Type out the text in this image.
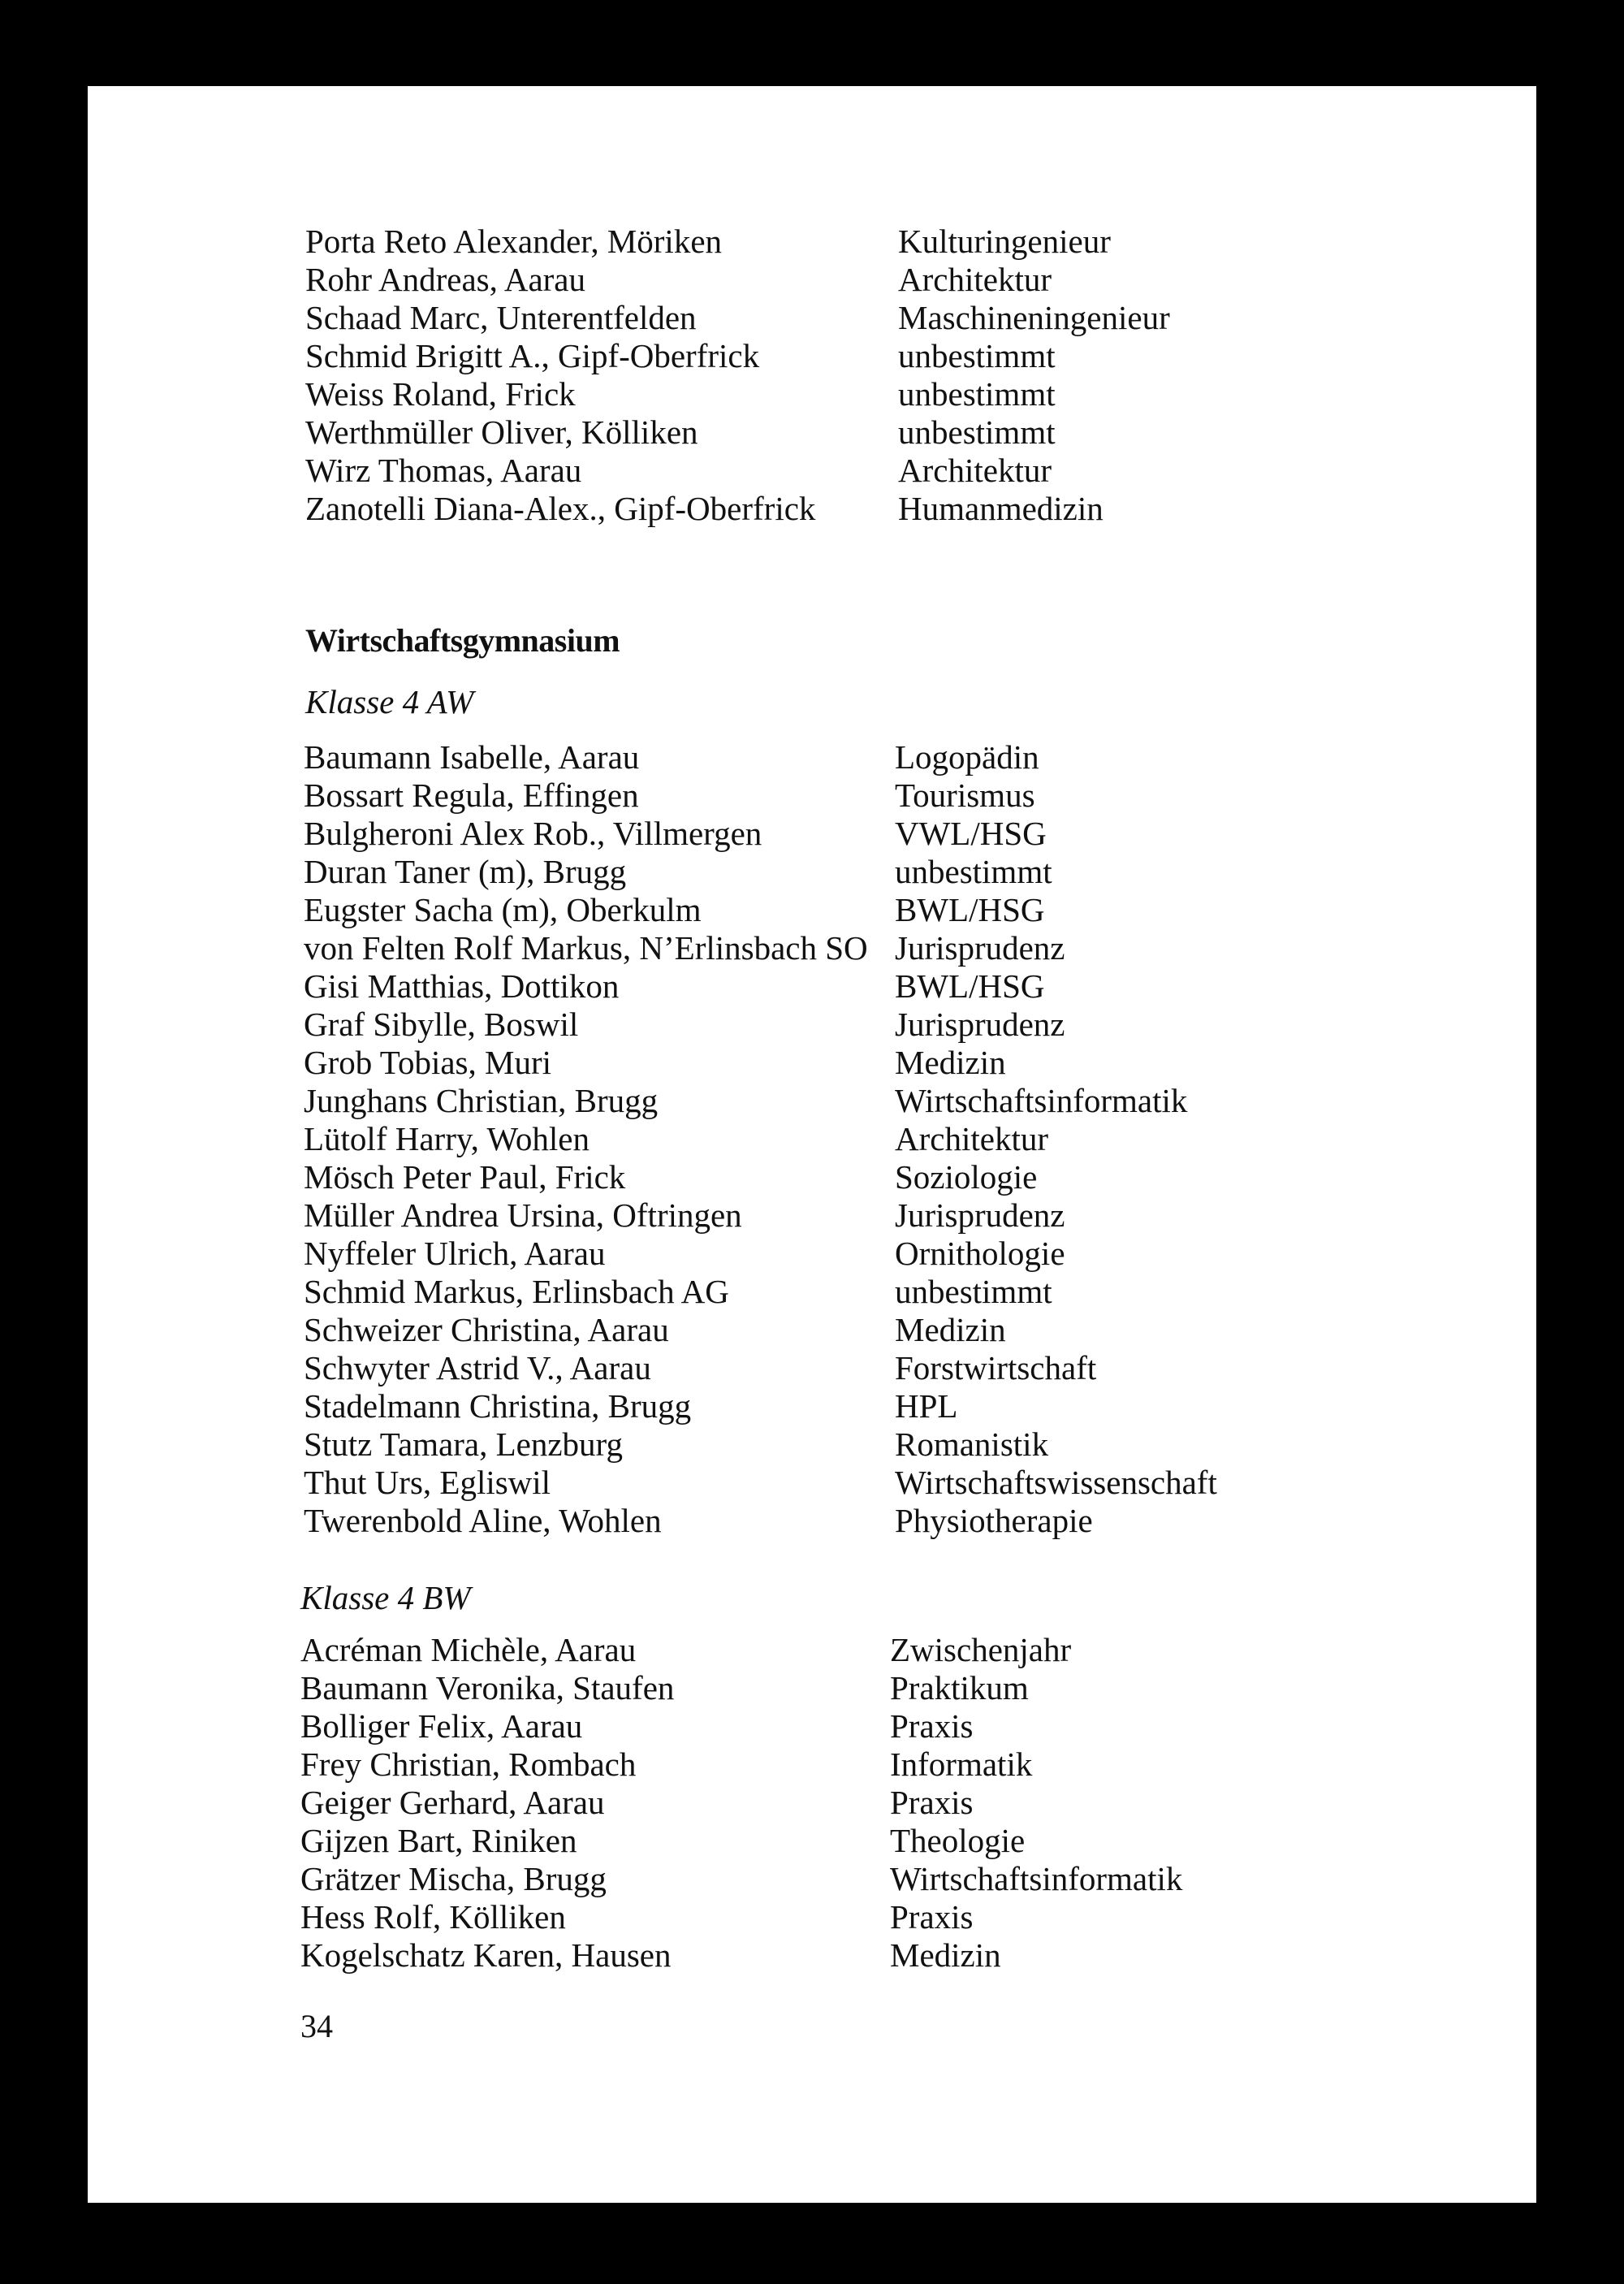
Porta Reto Alexander, Möriken	Kulturingenieur
Rohr Andreas, Aarau	Architektur
Schaad Marc, Unterentfelden	Maschineningenieur
Schmid Brigitt A., Gipf-Oberfrick	unbestimmt
Weiss Roland, Frick	unbestimmt
Werthmüller Oliver, Kölliken	unbestimmt
Wirz Thomas, Aarau	Architektur
Zanotelli Diana-Alex., Gipf-Oberfrick Humanmedizin
Wirtschaftsgymnasium
Klasse 4 AW
Baumann Isabelle, Aarau	Logopädin
Bossart Regula, Effingen	Tourismus
Bulgheroni Alex Rob., Villmergen	VWL/HSG
Duran Taner (m), Brugg	unbestimmt
Eugster Sacha (m), Oberkulm	BWL/HSG
von Felten Rolf Markus, N’Erlinsbach SO Jurisprudenz
Gisi Matthias, Dottikon	BWL/HSG
Graf Sibylle, Boswil	Jurisprudenz
Grob Tobias, Muri	Medizin
Junghans Christian, Brugg	Wirtschaftsinformatik
Lütolf Harry, Wohlen	Architektur
Mösch Peter Paul, Frick	Soziologie
Müller Andrea Ursina, Oftringen	Jurisprudenz
Nyffeler Ulrich, Aarau	Ornithologie
Schmid Markus, Erlinsbach AG	unbestimmt
Schweizer Christina, Aarau	Medizin
Schwyter Astrid V., Aarau	Forstwirtschaft
Stadelmann Christina, Brugg	HPL
Stutz Tamara, Lenzburg	Romanistik
Thut Urs, Egliswil	Wirtschaftswissenschaft
Twerenbold Aline, Wohlen	Physiotherapie
Klasse 4 BW
Acréman Michèle, Aarau	Zwischenjahr
Baumann Veronika, Staufen	Praktikum
Bolliger Felix, Aarau	Praxis
Frey Christian, Rombach	Informatik
Geiger Gerhard, Aarau	Praxis
Gijzen Bart, Riniken	Theologie
Grätzer Mischa, Brugg	Wirtschaftsinformatik
Hess Rolf, Kölliken	Praxis
Kogelschatz Karen, Hausen	Medizin
34
